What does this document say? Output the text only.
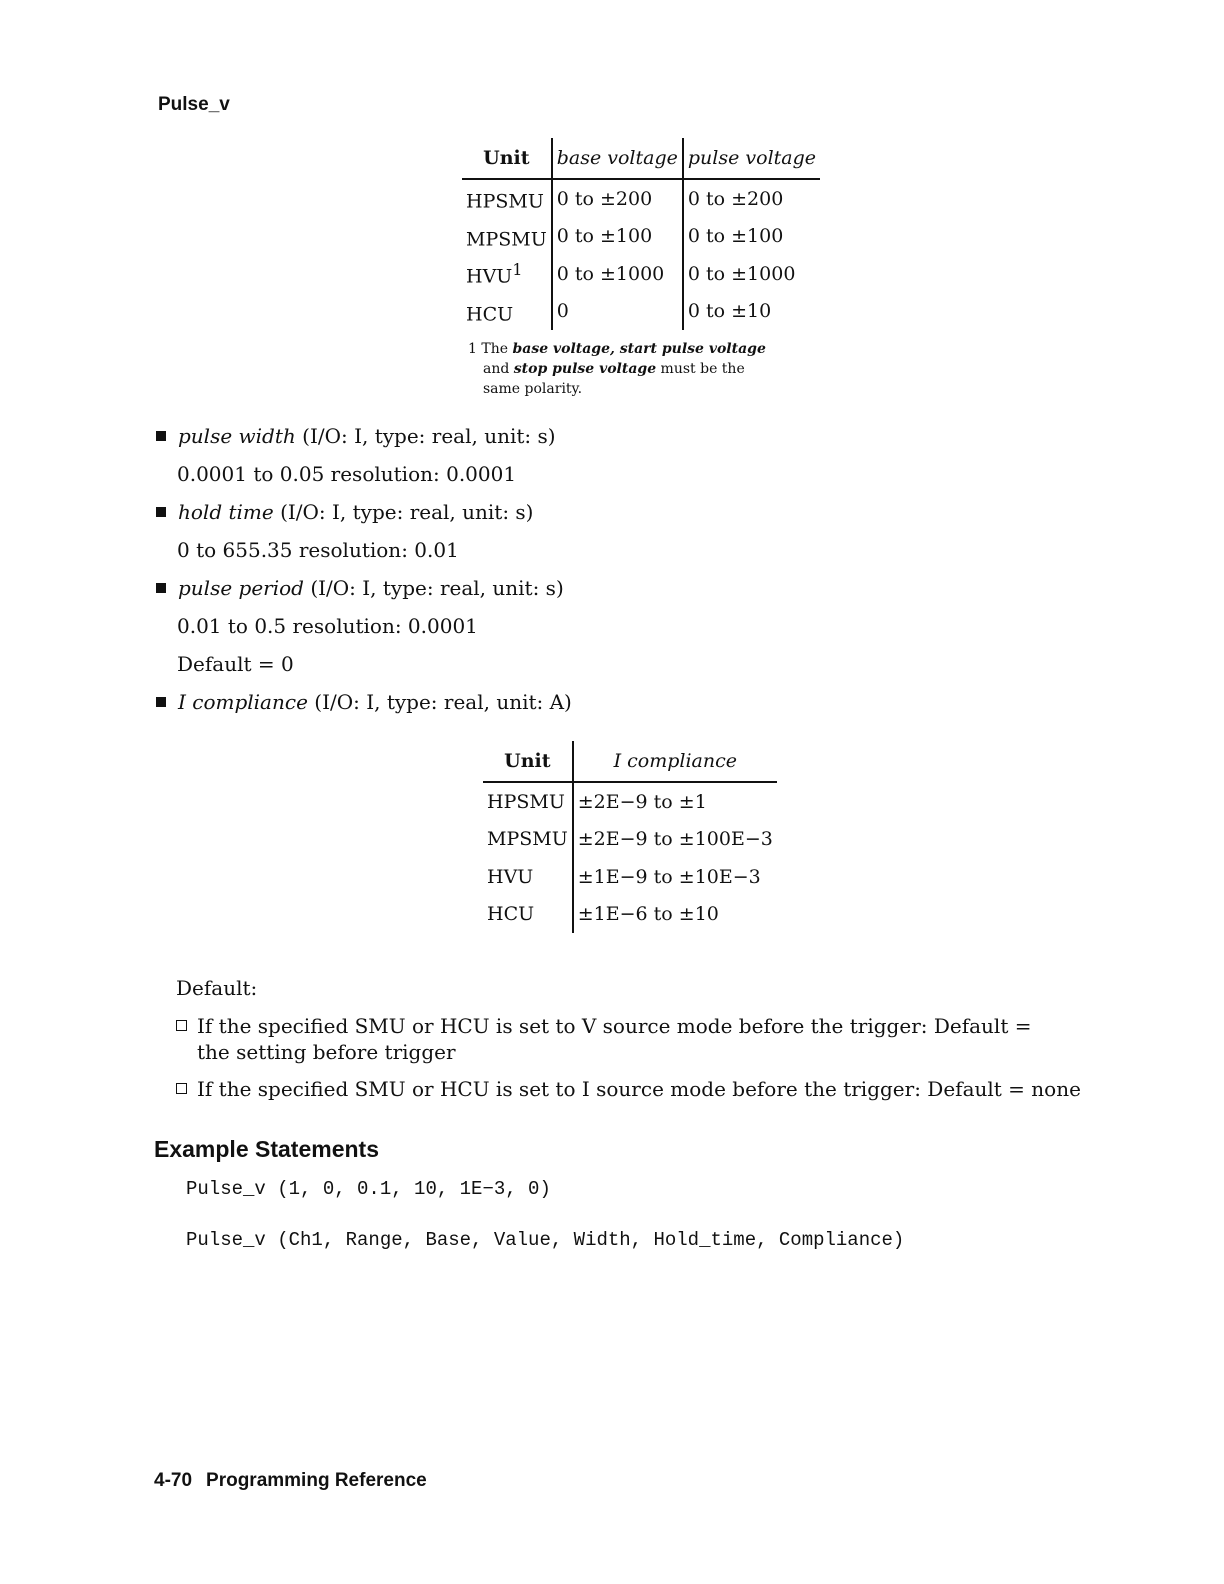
Pulse_v
Unit	base voltage	pulse voltage
HPSMU	0 to ±200	0 to ±200
MPSMU	0 to ±100	0 to ±100
HVU$^1$	0 to ±1000	0 to ±1000
HCU	0	0 to ±10
1 The base voltage, start pulse voltage
and stop pulse voltage must be the
same polarity.
pulse width (I/O: I, type: real, unit: s)
0.0001 to 0.05 resolution: 0.0001
hold time (I/O: I, type: real, unit: s)
0 to 655.35 resolution: 0.01
pulse period (I/O: I, type: real, unit: s)
0.01 to 0.5 resolution: 0.0001
Default = 0
I compliance (I/O: I, type: real, unit: A)
Unit	I compliance
HPSMU	±2E−9 to ±1
MPSMU	±2E−9 to ±100E−3
HVU	±1E−9 to ±10E−3
HCU	±1E−6 to ±10
Default:
If the specified SMU or HCU is set to V source mode before the trigger: Default = the setting before trigger
If the specified SMU or HCU is set to I source mode before the trigger: Default = none
Example Statements
Pulse_v (1, 0, 0.1, 10, 1E−3, 0)
Pulse_v (Ch1, Range, Base, Value, Width, Hold_time, Compliance)
4-70 Programming Reference
